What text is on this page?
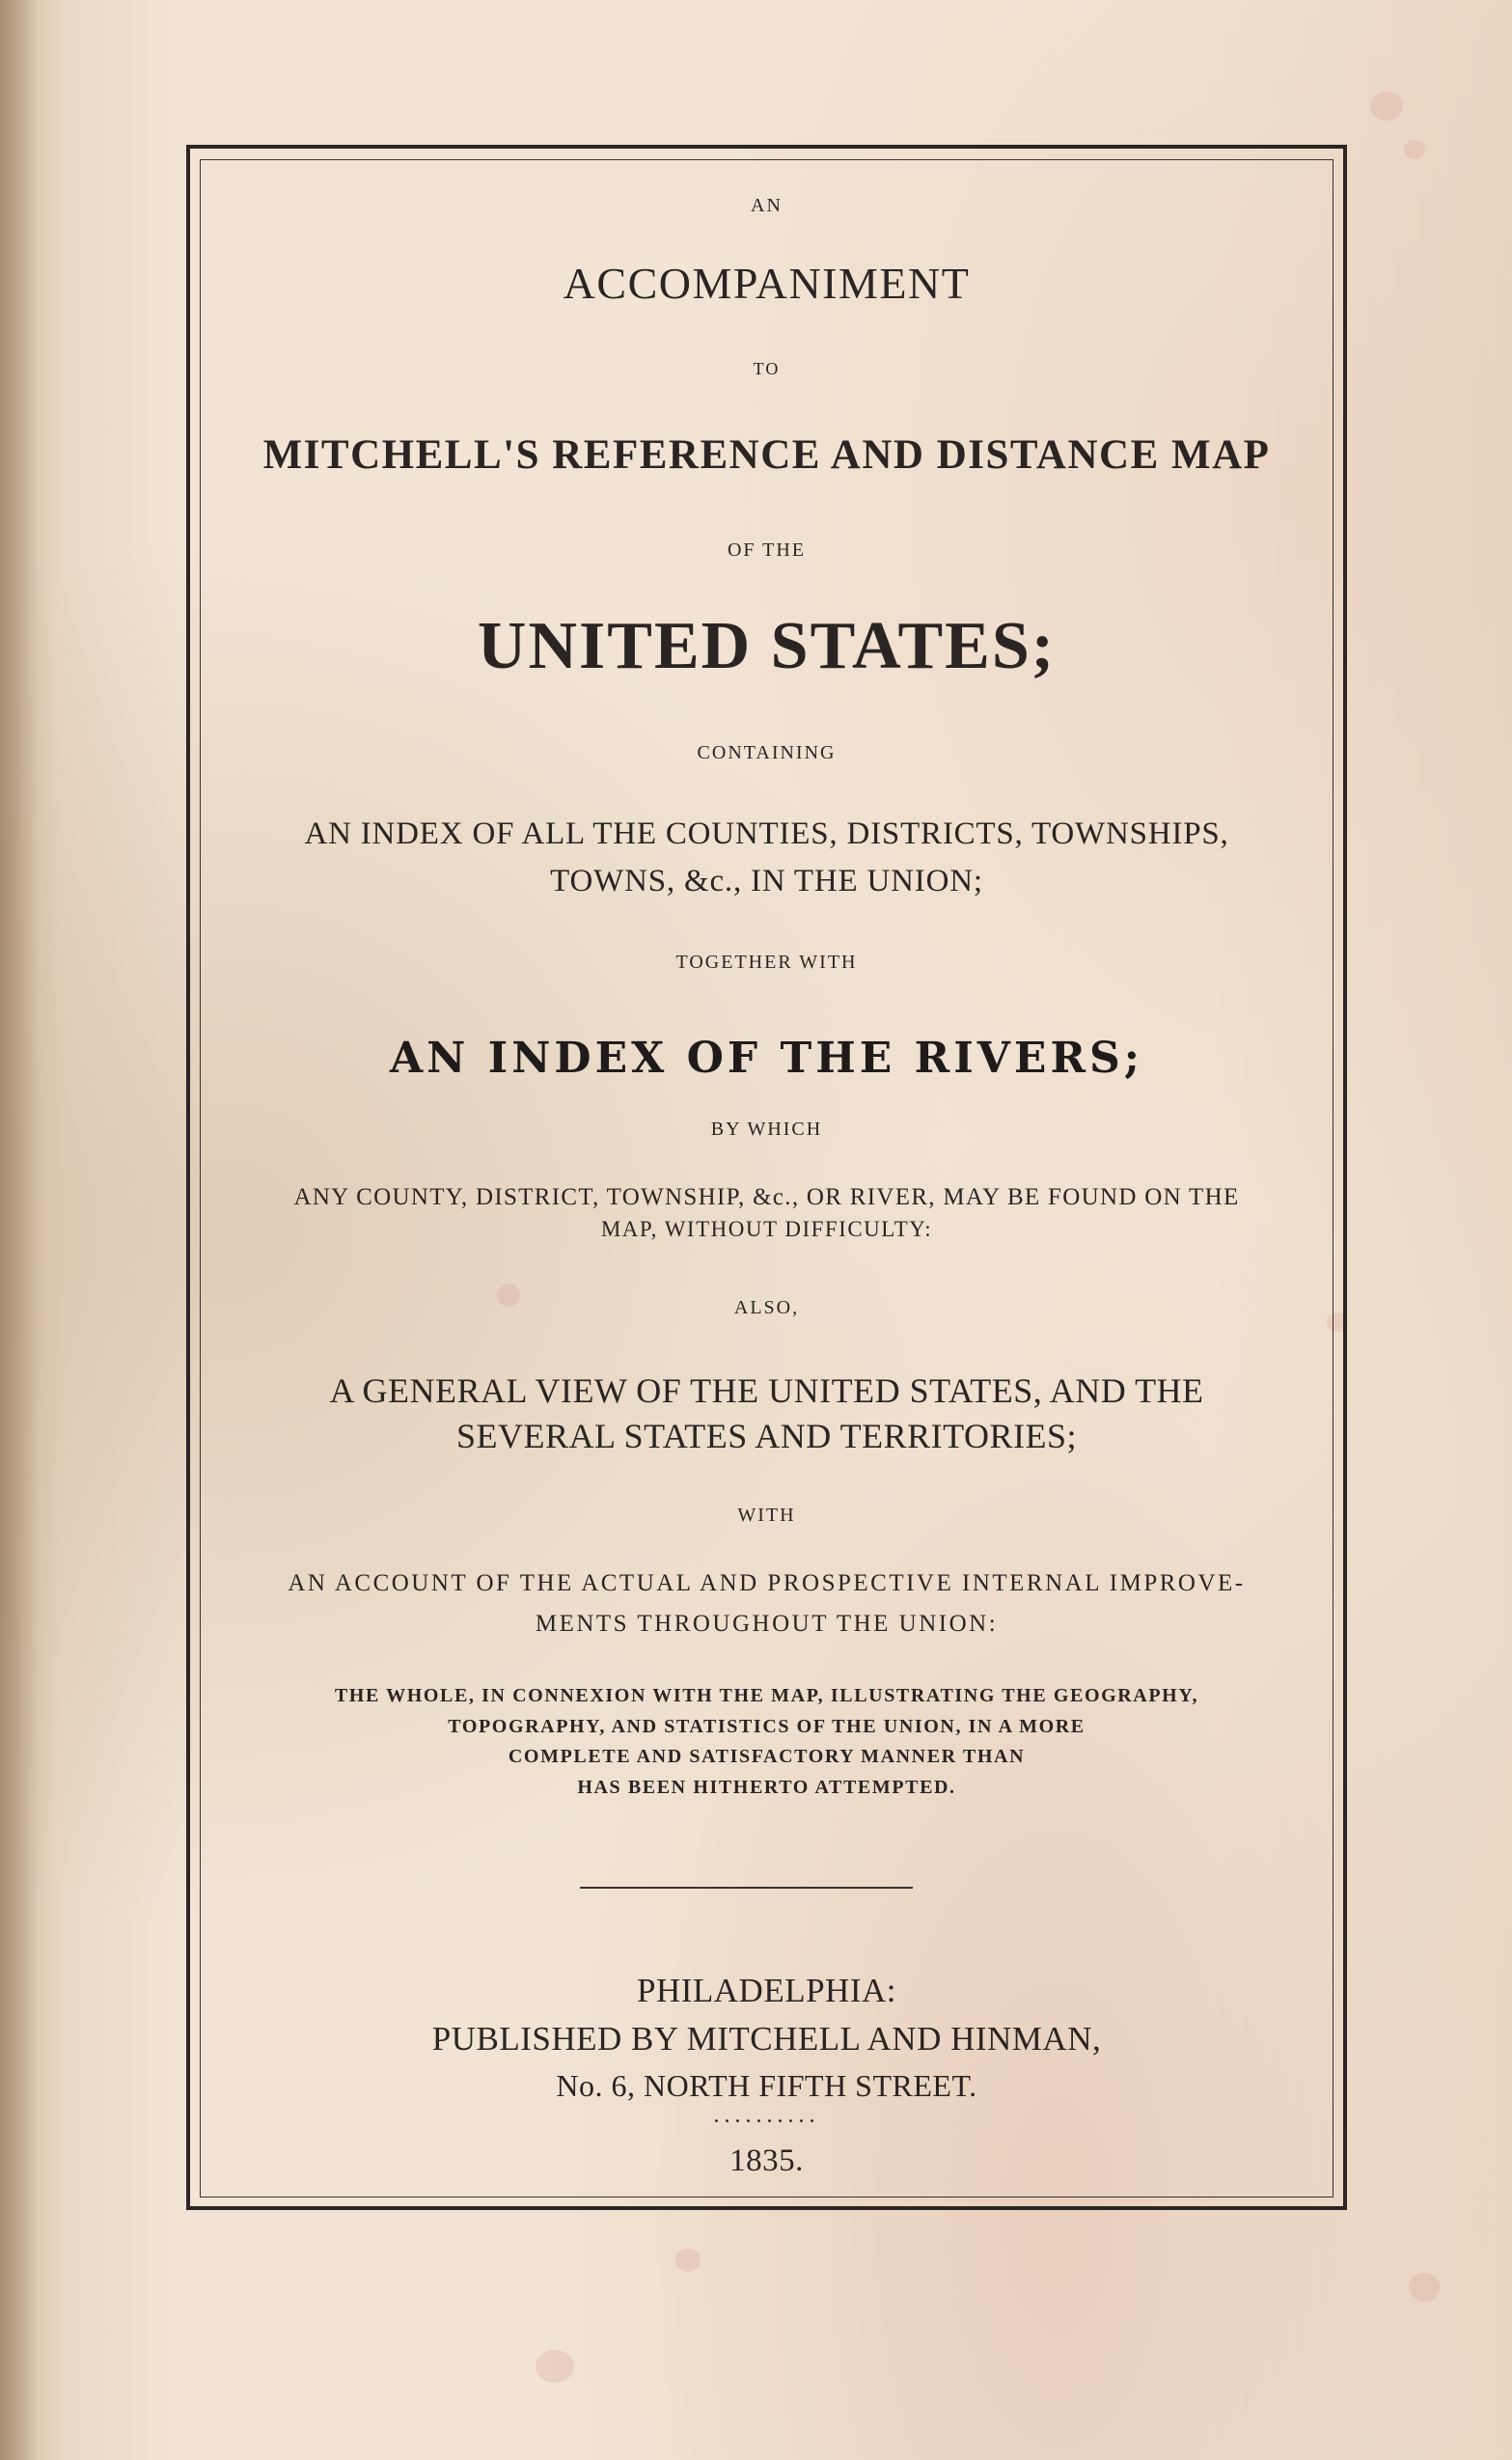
AN
ACCOMPANIMENT
TO
MITCHELL'S REFERENCE AND DISTANCE MAP
OF THE
UNITED STATES;
CONTAINING
AN INDEX OF ALL THE COUNTIES, DISTRICTS, TOWNSHIPS,
TOWNS, &c., IN THE UNION;
TOGETHER WITH
AN INDEX OF THE RIVERS;
BY WHICH
ANY COUNTY, DISTRICT, TOWNSHIP, &c., OR RIVER, MAY BE FOUND ON THE
MAP, WITHOUT DIFFICULTY:
ALSO,
A GENERAL VIEW OF THE UNITED STATES, AND THE
SEVERAL STATES AND TERRITORIES;
WITH
AN ACCOUNT OF THE ACTUAL AND PROSPECTIVE INTERNAL IMPROVE-
MENTS THROUGHOUT THE UNION:
THE WHOLE, IN CONNEXION WITH THE MAP, ILLUSTRATING THE GEOGRAPHY,
TOPOGRAPHY, AND STATISTICS OF THE UNION, IN A MORE
COMPLETE AND SATISFACTORY MANNER THAN
HAS BEEN HITHERTO ATTEMPTED.
PHILADELPHIA:
PUBLISHED BY MITCHELL AND HINMAN,
No. 6, NORTH FIFTH STREET.
..........
1835.
